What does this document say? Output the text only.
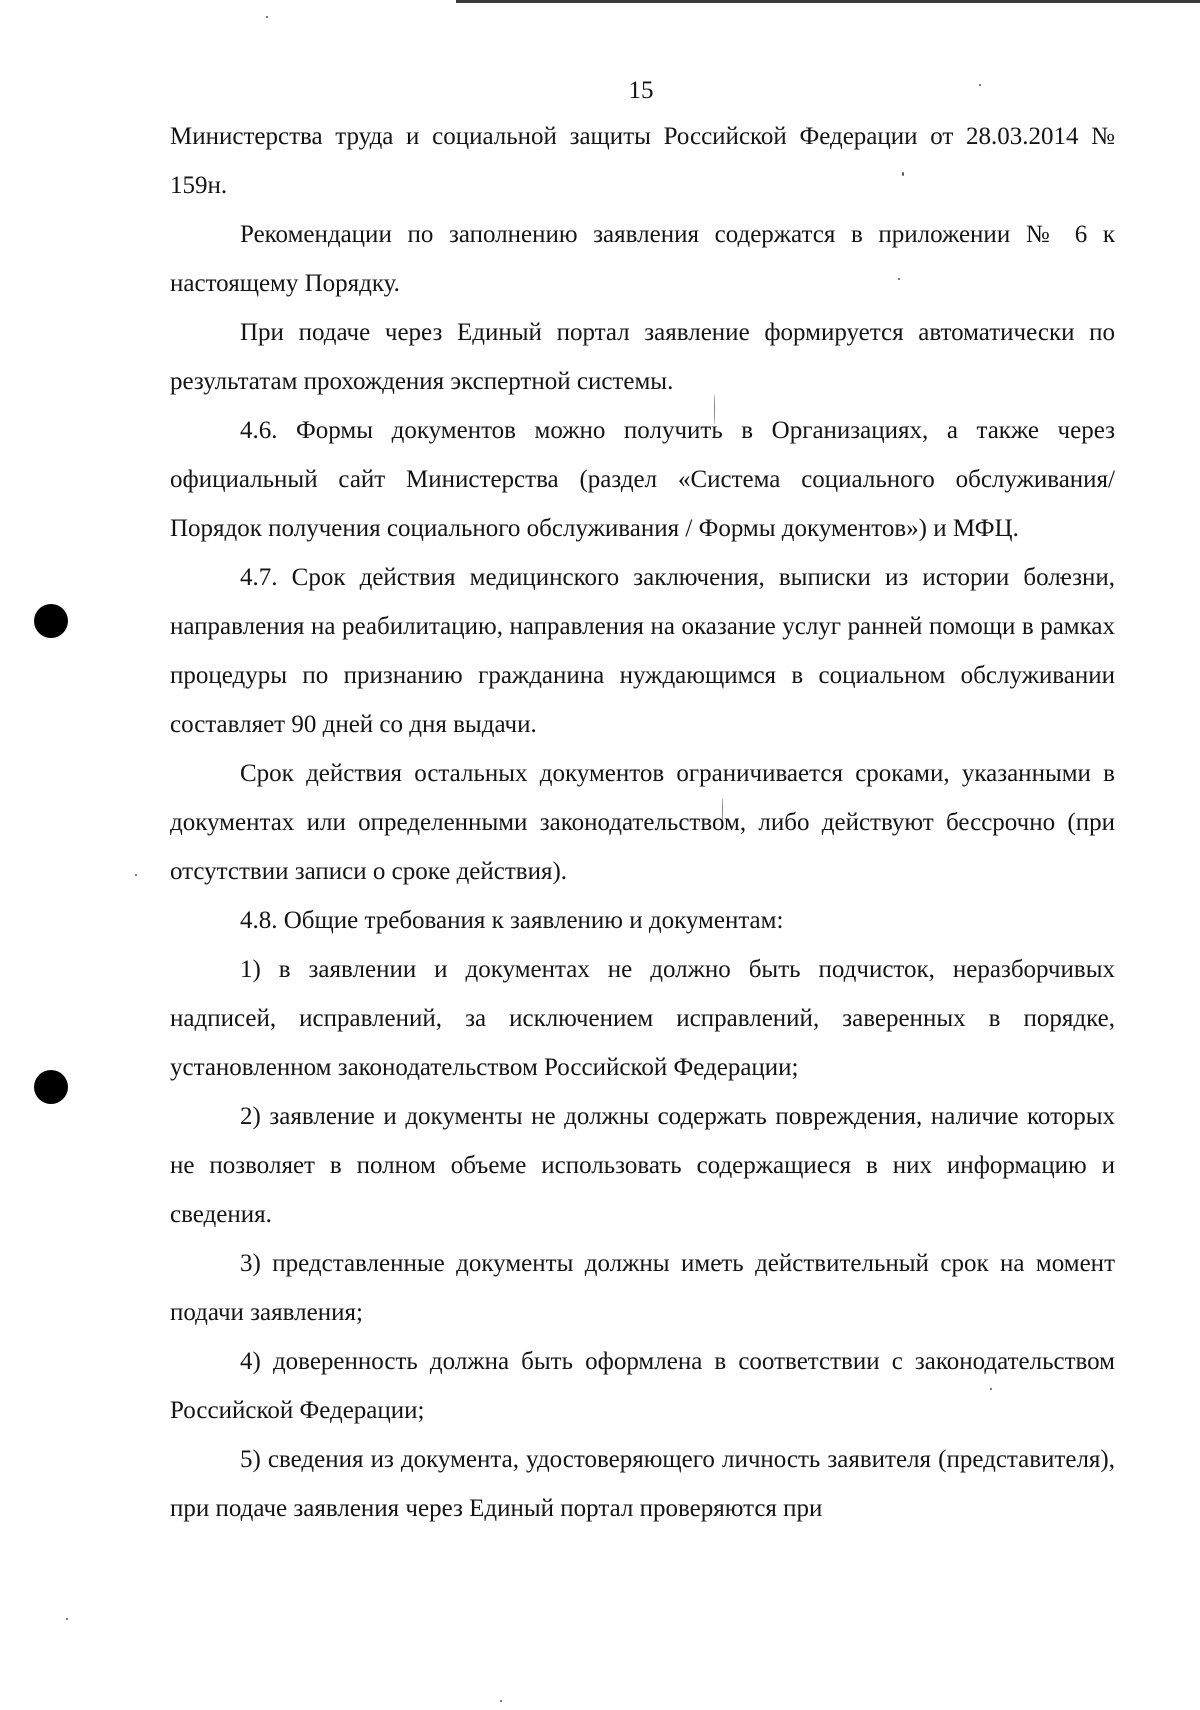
15

Министерства труда и социальной защиты Российской Федерации от 28.03.2014 № 159н.

Рекомендации по заполнению заявления содержатся в приложении № 6 к настоящему Порядку.

При подаче через Единый портал заявление формируется автоматически по результатам прохождения экспертной системы.

4.6. Формы документов можно получить в Организациях, а также через официальный сайт Министерства (раздел «Система социального обслуживания/Порядок получения социального обслуживания / Формы документов») и МФЦ.

4.7. Срок действия медицинского заключения, выписки из истории болезни, направления на реабилитацию, направления на оказание услуг ранней помощи в рамках процедуры по признанию гражданина нуждающимся в социальном обслуживании составляет 90 дней со дня выдачи.

Срок действия остальных документов ограничивается сроками, указанными в документах или определенными законодательством, либо действуют бессрочно (при отсутствии записи о сроке действия).

4.8. Общие требования к заявлению и документам:

1) в заявлении и документах не должно быть подчисток, неразборчивых надписей, исправлений, за исключением исправлений, заверенных в порядке, установленном законодательством Российской Федерации;

2) заявление и документы не должны содержать повреждения, наличие которых не позволяет в полном объеме использовать содержащиеся в них информацию и сведения.

3) представленные документы должны иметь действительный срок на момент подачи заявления;

4) доверенность должна быть оформлена в соответствии с законодательством Российской Федерации;

5) сведения из документа, удостоверяющего личность заявителя (представителя), при подаче заявления через Единый портал проверяются при
